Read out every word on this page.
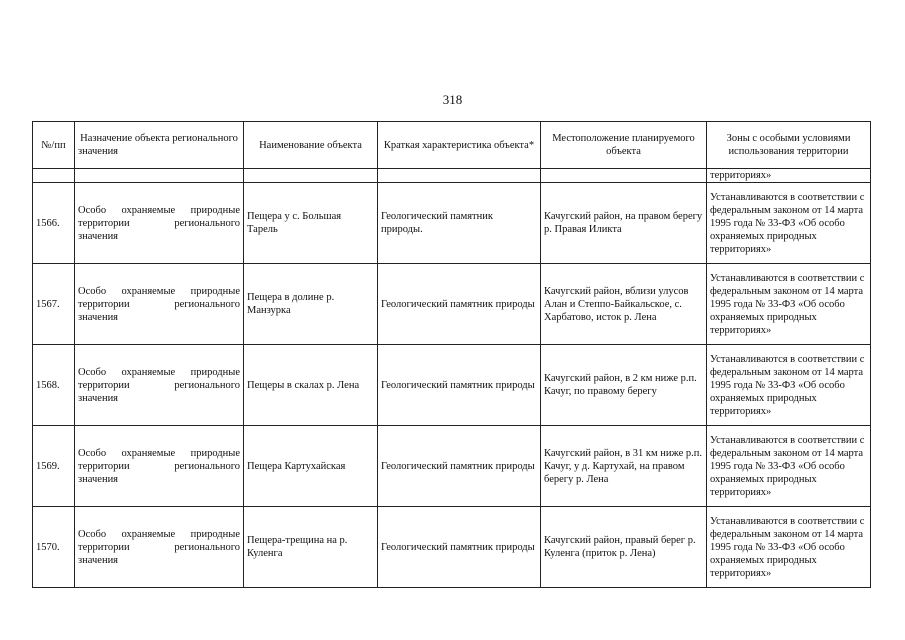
318
№/пп	Назначение объекта регионального значения	Наименование объекта	Краткая характеристика объекта*	Местоположение планируемого объекта	Зоны с особыми условиями использования территории
					территориях»
1566.	Особо охраняемые природные территории регионального значения	Пещера у с. Большая Тарель	Геологический памятник природы.	Качугский район, на правом берегу р. Правая Иликта	Устанавливаются в соответствии с федеральным законом от 14 марта 1995 года № 33-ФЗ «Об особо охраняемых природных территориях»
1567.	Особо охраняемые природные территории регионального значения	Пещера в долине р. Манзурка	Геологический памятник природы	Качугский район, вблизи улусов Алан и Степпо-Байкальское, с. Харбатово, исток р. Лена	Устанавливаются в соответствии с федеральным законом от 14 марта 1995 года № 33-ФЗ «Об особо охраняемых природных территориях»
1568.	Особо охраняемые природные территории регионального значения	Пещеры в скалах р. Лена	Геологический памятник природы	Качугский район, в 2 км ниже р.п. Качуг, по правому берегу	Устанавливаются в соответствии с федеральным законом от 14 марта 1995 года № 33-ФЗ «Об особо охраняемых природных территориях»
1569.	Особо охраняемые природные территории регионального значения	Пещера Картухайская	Геологический памятник природы	Качугский район, в 31 км ниже р.п. Качуг, у д. Картухай, на правом берегу р. Лена	Устанавливаются в соответствии с федеральным законом от 14 марта 1995 года № 33-ФЗ «Об особо охраняемых природных территориях»
1570.	Особо охраняемые природные территории регионального значения	Пещера-трещина на р. Куленга	Геологический памятник природы	Качугский район, правый берег р. Куленга (приток р. Лена)	Устанавливаются в соответствии с федеральным законом от 14 марта 1995 года № 33-ФЗ «Об особо охраняемых природных территориях»
